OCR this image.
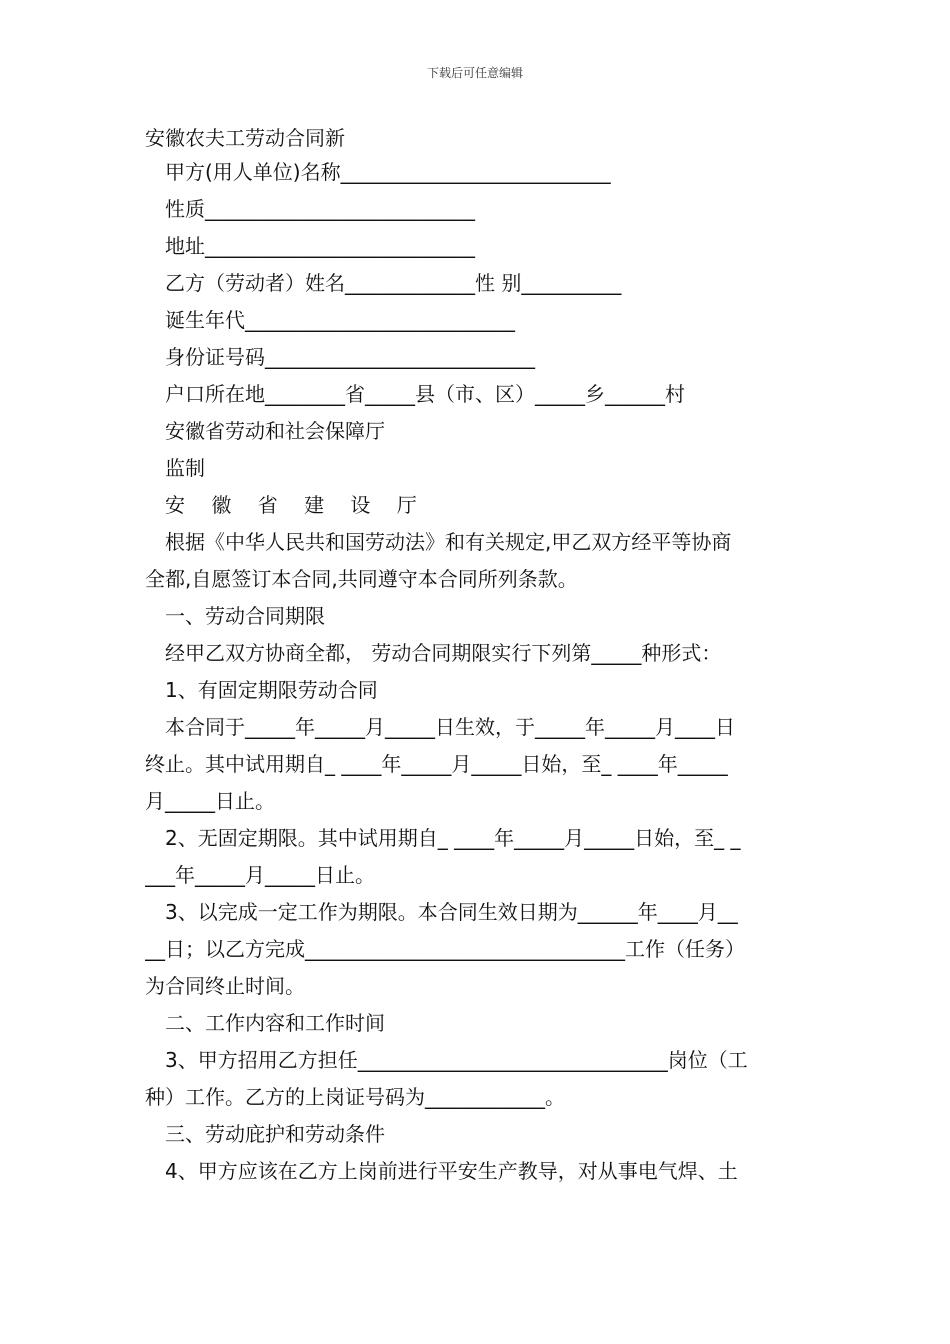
下载后可任意编辑
安徽农夫工劳动合同新
甲方(用人单位)名称___________________________
性质___________________________
地址___________________________
乙方（劳动者）姓名_____________性 别__________
诞生年代___________________________
身份证号码___________________________
户口所在地________省_____县（市、区）_____乡______村
安徽省劳动和社会保障厅
监制
安 徽 省 建 设 厅
根据《中华人民共和国劳动法》和有关规定,甲乙双方经平等协商
全都,自愿签订本合同,共同遵守本合同所列条款。
一、劳动合同期限
经甲乙双方协商全都， 劳动合同期限实行下列第_____种形式：
1、有固定期限劳动合同
本合同于_____年_____月_____日生效，于_____年_____月____日
终止。其中试用期自_ ____年_____月_____日始，至_ ____年_____
月_____日止。
2、无固定期限。其中试用期自_ ____年_____月_____日始，至_ _
___年_____月_____日止。
3、以完成一定工作为期限。本合同生效日期为______年____月__
__日；以乙方完成________________________________工作（任务）
为合同终止时间。
二、工作内容和工作时间
3、甲方招用乙方担任_______________________________岗位（工
种）工作。乙方的上岗证号码为____________。
三、劳动庇护和劳动条件
4、甲方应该在乙方上岗前进行平安生产教导，对从事电气焊、土
